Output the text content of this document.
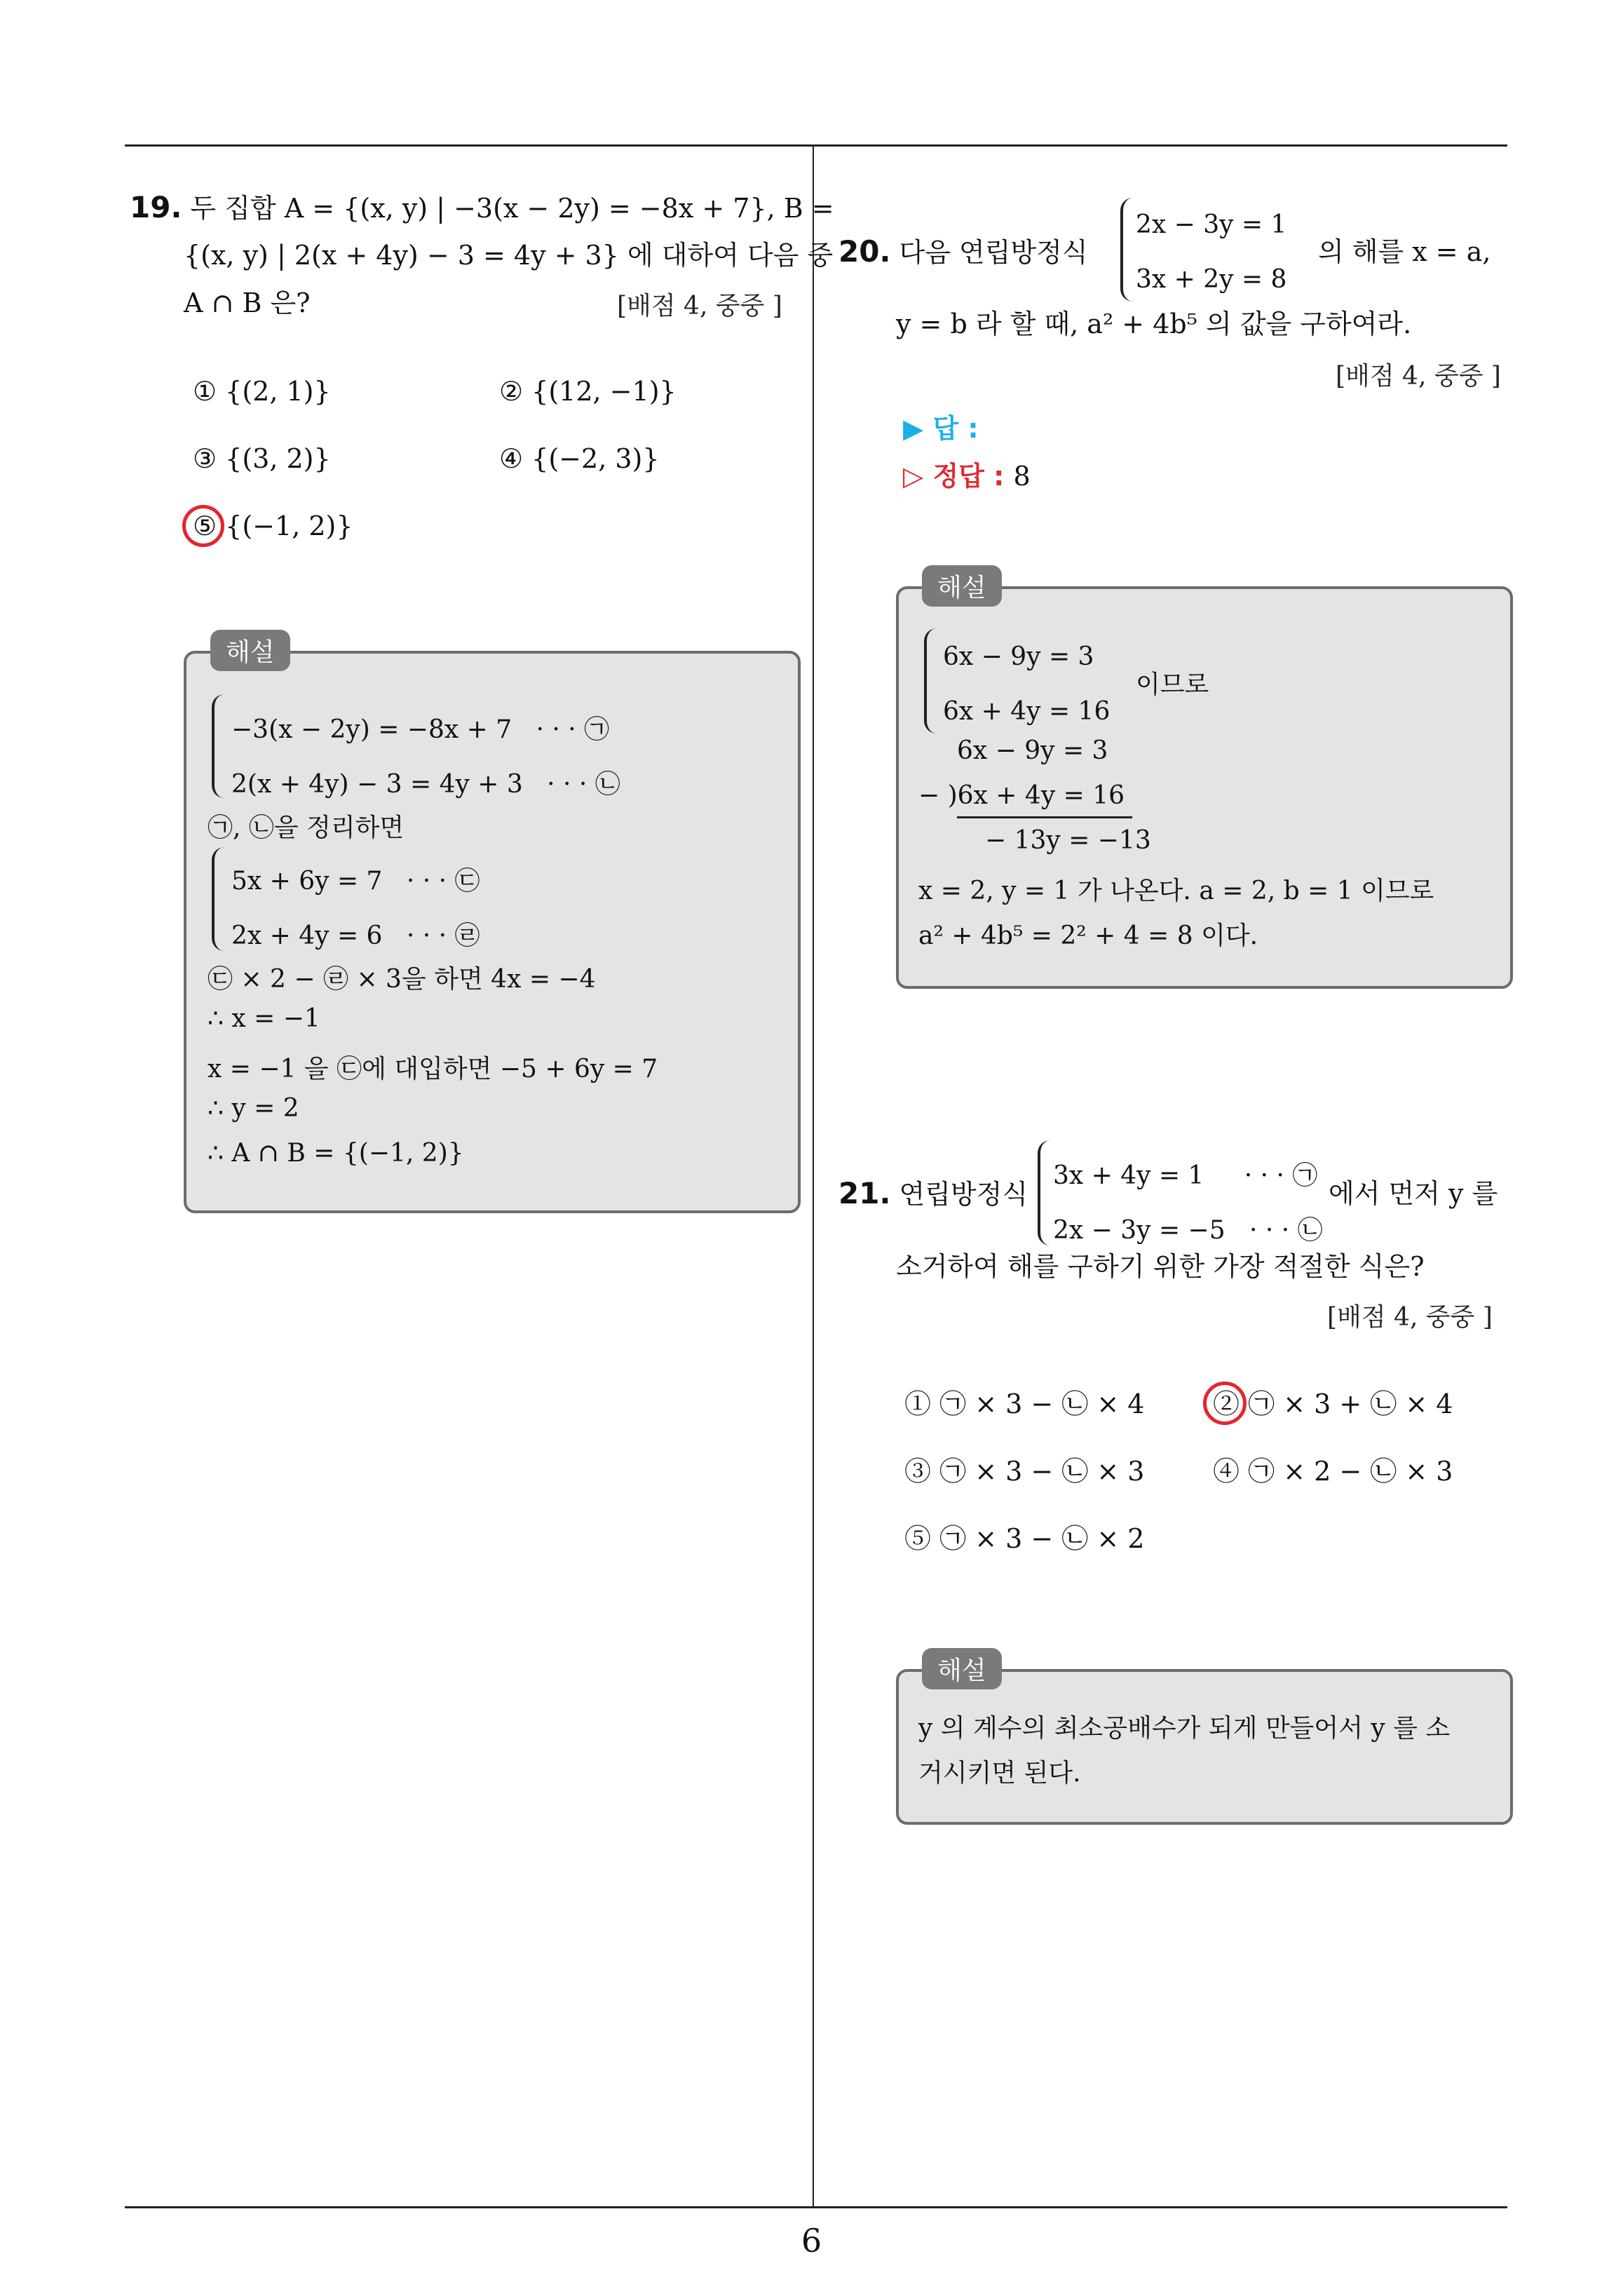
19. 두 집합 A = {(x, y) | −3(x − 2y) = −8x + 7}, B =
{(x, y) | 2(x + 4y) − 3 = 4y + 3} 에 대하여 다음 중
A ∩ B 은?	[배점 4, 중중 ]
① {(2, 1)}	② {(12, −1)}
③ {(3, 2)}	④ {(−2, 3)}
⑤ {(−1, 2)}
해설
−3(x − 2y) = −8x + 7 · · · ㉠
2(x + 4y) − 3 = 4y + 3 · · · ㉡
㉠, ㉡을 정리하면
5x + 6y = 7 · · · ㉢
2x + 4y = 6 · · · ㉣
㉢ × 2 − ㉣ × 3을 하면 4x = −4
∴ x = −1
x = −1 을 ㉢에 대입하면 −5 + 6y = 7
∴ y = 2
∴ A ∩ B = {(−1, 2)}
20. 다음 연립방정식
2x − 3y = 1
3x + 2y = 8
의 해를 x = a,
y = b 라 할 때, a² + 4b⁵ 의 값을 구하여라.
[배점 4, 중중 ]
▶ 답 :
▷ 정답 : 8
해설
6x − 9y = 3
6x + 4y = 16
이므로
6x − 9y = 3
− )6x + 4y = 16
− 13y = −13
x = 2, y = 1 가 나온다. a = 2, b = 1 이므로
a² + 4b⁵ = 2² + 4 = 8 이다.
21. 연립방정식
3x + 4y = 1 · · · ㉠
2x − 3y = −5 · · · ㉡
에서 먼저 y 를
소거하여 해를 구하기 위한 가장 적절한 식은?
[배점 4, 중중 ]
① ㉠ × 3 − ㉡ × 4	② ㉠ × 3 + ㉡ × 4
③ ㉠ × 3 − ㉡ × 3	④ ㉠ × 2 − ㉡ × 3
⑤ ㉠ × 3 − ㉡ × 2
해설
y 의 계수의 최소공배수가 되게 만들어서 y 를 소
거시키면 된다.
6
